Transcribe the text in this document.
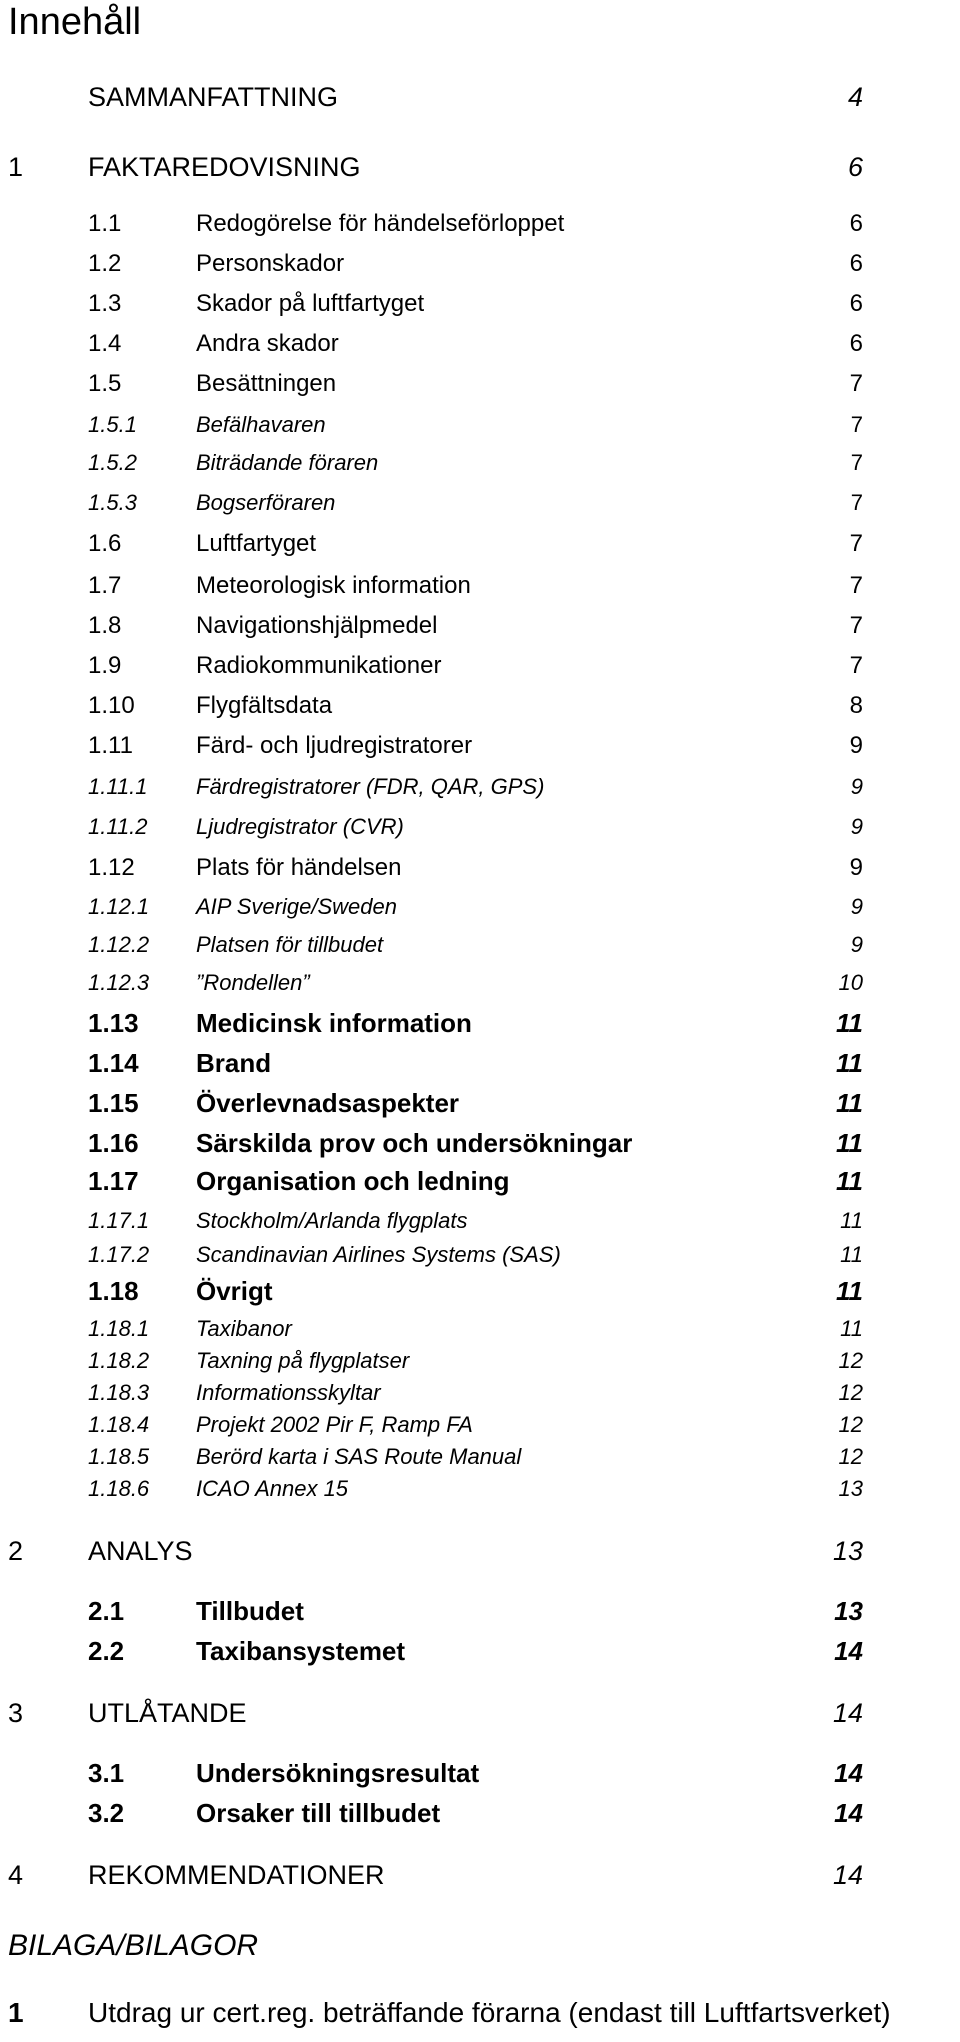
Innehåll
SAMMANFATTNING	4
1 FAKTAREDOVISNING	6
1.1	Redogörelse för händelseförloppet	6
1.2	Personskador	6
1.3	Skador på luftfartyget	6
1.4	Andra skador	6
1.5	Besättningen	7
1.5.1	Befälhavaren	7
1.5.2	Biträdande föraren	7
1.5.3	Bogserföraren	7
1.6	Luftfartyget	7
1.7	Meteorologisk information	7
1.8	Navigationshjälpmedel	7
1.9	Radiokommunikationer	7
1.10	Flygfältsdata	8
1.11	Färd- och ljudregistratorer	9
1.11.1 Färdregistratorer (FDR, QAR, GPS)	9
1.11.2 Ljudregistrator (CVR)	9
1.12	Plats för händelsen	9
1.12.1 AIP Sverige/Sweden	9
1.12.2 Platsen för tillbudet	9
1.12.3 ”Rondellen”	10
1.13 Medicinsk information	11
1.14 Brand	11
1.15 Överlevnadsaspekter	11
1.16 Särskilda prov och undersökningar	11
1.17 Organisation och ledning	11
1.17.1 Stockholm/Arlanda flygplats	11
1.17.2 Scandinavian Airlines Systems (SAS)	11
1.18 Övrigt	11
1.18.1 Taxibanor	11
1.18.2 Taxning på flygplatser	12
1.18.3 Informationsskyltar	12
1.18.4 Projekt 2002 Pir F, Ramp FA	12
1.18.5 Berörd karta i SAS Route Manual	12
1.18.6 ICAO Annex 15	13
2 ANALYS	13
2.1	Tillbudet	13
2.2	Taxibansystemet	14
3 UTLÅTANDE	14
3.1	Undersökningsresultat	14
3.2	Orsaker till tillbudet	14
4 REKOMMENDATIONER	14
BILAGA/BILAGOR
1 Utdrag ur cert.reg. beträffande förarna (endast till Luftfartsverket)
